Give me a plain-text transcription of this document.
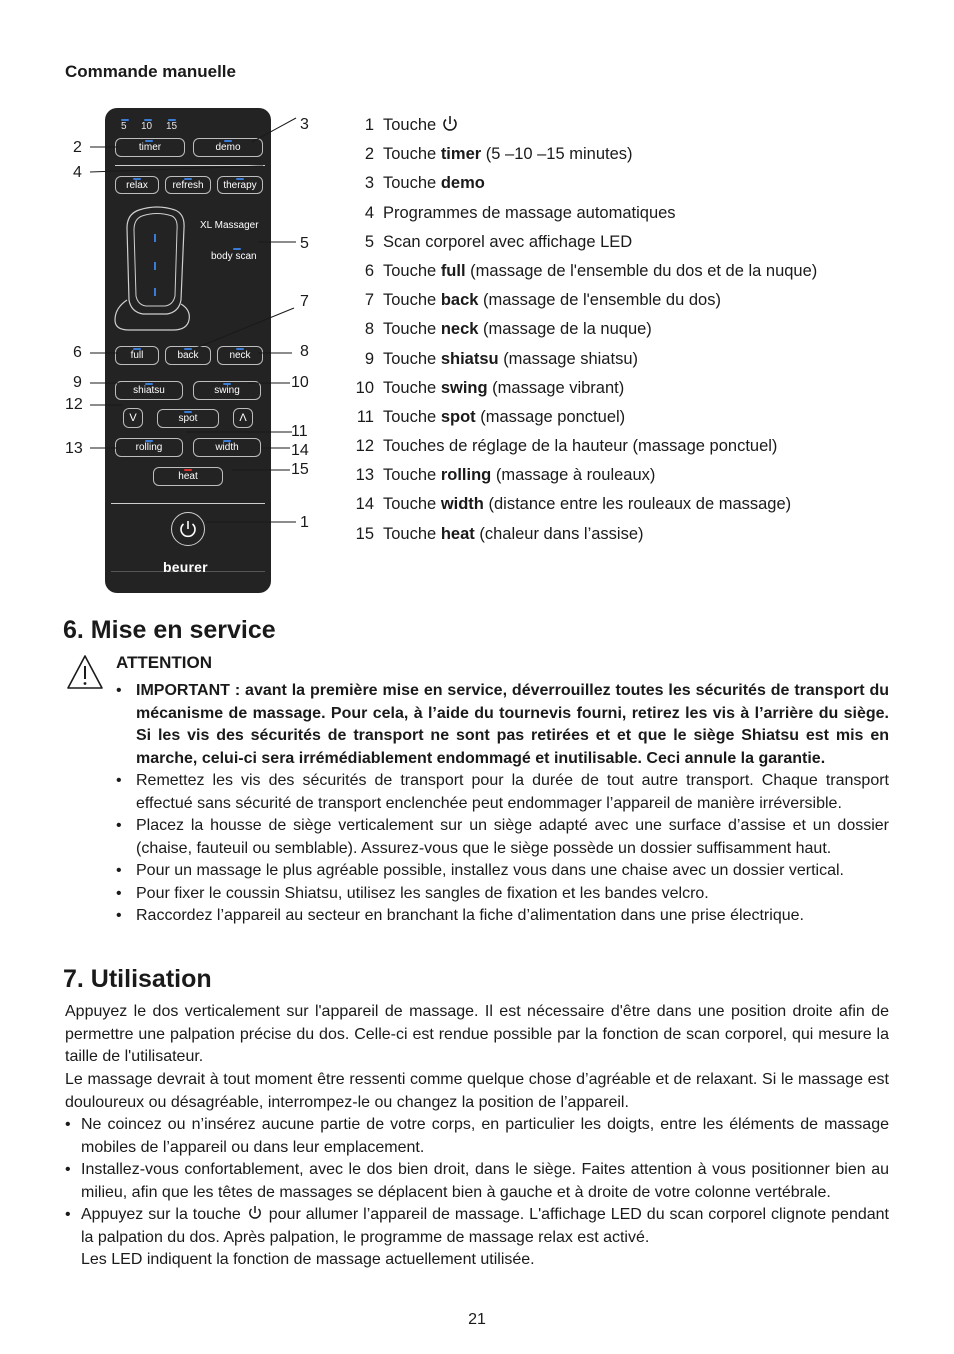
Commande manuelle
5 10 15
timer	demo
relax	refresh	therapy
XL Massager
body scan
full	back	neck
shiatsu	swing
V	spot	Λ
rolling	width
heat
beurer
3
2
4
5
7
6	8
9	10
12
11
13	14
15
1
1 Touche
2 Touche timer (5 –10 –15 minutes)
3 Touche demo
4 Programmes de massage automatiques
5 Scan corporel avec affichage LED
6 Touche full (massage de l'ensemble du dos et de la nuque)
7 Touche back (massage de l'ensemble du dos)
8 Touche neck (massage de la nuque)
9 Touche shiatsu (massage shiatsu)
10 Touche swing (massage vibrant)
11 Touche spot (massage ponctuel)
12 Touches de réglage de la hauteur (massage ponctuel)
13 Touche rolling (massage à rouleaux)
14 Touche width (distance entre les rouleaux de massage)
15 Touche heat (chaleur dans l’assise)
6. Mise en service
ATTENTION
• IMPORTANT : avant la première mise en service, déverrouillez toutes les sécurités de transport du mécanisme de massage. Pour cela, à l’aide du tournevis fourni, retirez les vis à l’arrière du siège. Si les vis des sécurités de transport ne sont pas retirées et et que le siège Shiatsu est mis en marche, celui-ci sera irrémédiablement endommagé et inutilisable. Ceci annule la garantie.
• Remettez les vis des sécurités de transport pour la durée de tout autre transport. Chaque transport effectué sans sécurité de transport enclenchée peut endommager l’appareil de manière irréversible.
• Placez la housse de siège verticalement sur un siège adapté avec une surface d’assise et un dossier (chaise, fauteuil ou semblable). Assurez-vous que le siège possède un dossier suffisamment haut.
• Pour un massage le plus agréable possible, installez vous dans une chaise avec un dossier vertical.
• Pour fixer le coussin Shiatsu, utilisez les sangles de fixation et les bandes velcro.
• Raccordez l’appareil au secteur en branchant la fiche d’alimentation dans une prise électrique.
7. Utilisation
Appuyez le dos verticalement sur l'appareil de massage. Il est nécessaire d'être dans une position droite afin de permettre une palpation précise du dos. Celle-ci est rendue possible par la fonction de scan corporel, qui mesure la taille de l'utilisateur.
Le massage devrait à tout moment être ressenti comme quelque chose d’agréable et de relaxant. Si le massage est douloureux ou désagréable, interrompez-le ou changez la position de l’appareil.
• Ne coincez ou n’insérez aucune partie de votre corps, en particulier les doigts, entre les éléments de massage mobiles de l’appareil ou dans leur emplacement.
• Installez-vous confortablement, avec le dos bien droit, dans le siège. Faites attention à vous positionner bien au milieu, afin que les têtes de massages se déplacent bien à gauche et à droite de votre colonne vertébrale.
• Appuyez sur la touche pour allumer l’appareil de massage. L'affichage LED du scan corporel clignote pendant la palpation du dos. Après palpation, le programme de massage relax est activé.
Les LED indiquent la fonction de massage actuellement utilisée.
21
